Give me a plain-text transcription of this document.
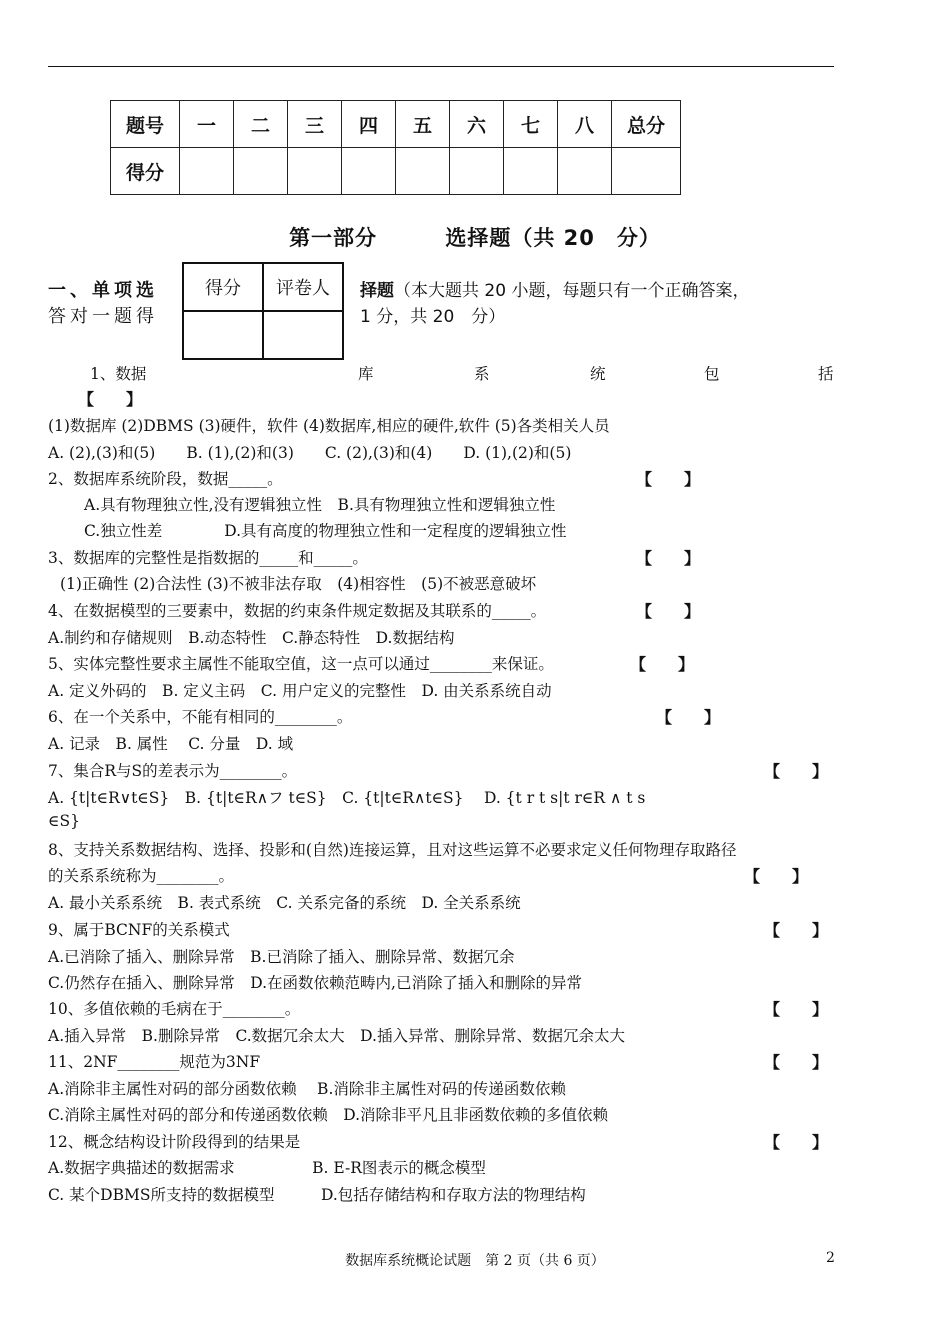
题号	一	二	三	四	五	六	七	八	总分
得分									
第一部分	选择题（共 20　分）
一、单项选
答对一题得
得分	评卷人
	择题（本大题共 20 小题，每题只有一个正确答案，
1 分，共 20　分）
1、数据	库	系	统	包	括
【　　】
(1)数据库 (2)DBMS (3)硬件，软件 (4)数据库,相应的硬件,软件 (5)各类相关人员
A. (2),(3)和(5)　　B. (1),(2)和(3)　　C. (2),(3)和(4)　　D. (1),(2)和(5)
2、数据库系统阶段，数据_____。	【　　】
A.具有物理独立性,没有逻辑独立性　B.具有物理独立性和逻辑独立性
C.独立性差　　　　D.具有高度的物理独立性和一定程度的逻辑独立性
3、数据库的完整性是指数据的_____和_____。	【　　】
(1)正确性 (2)合法性 (3)不被非法存取　(4)相容性　(5)不被恶意破坏
4、在数据模型的三要素中，数据的约束条件规定数据及其联系的_____。	【　　】
A.制约和存储规则　B.动态特性　C.静态特性　D.数据结构
5、实体完整性要求主属性不能取空值，这一点可以通过________来保证。	【　　】
A. 定义外码的　B. 定义主码　C. 用户定义的完整性　D. 由关系系统自动
6、在一个关系中，不能有相同的________。	【　　】
A. 记录　B. 属性　 C. 分量　D. 域
7、集合R与S的差表示为________。	【　　】
A. {t|t∈R∨t∈S}　B. {t|t∈R∧フ t∈S}　C. {t|t∈R∧t∈S}　 D. {t r t s|t r∈R ∧ t s
∈S}
8、支持关系数据结构、选择、投影和(自然)连接运算，且对这些运算不必要求定义任何物理存取路径
的关系系统称为________。	【　　】
A. 最小关系系统　B. 表式系统　C. 关系完备的系统　D. 全关系系统
9、属于BCNF的关系模式	【　　】
A.已消除了插入、删除异常　B.已消除了插入、删除异常、数据冗余
C.仍然存在插入、删除异常　D.在函数依赖范畴内,已消除了插入和删除的异常
10、多值依赖的毛病在于________。	【　　】
A.插入异常　B.删除异常　C.数据冗余太大　D.插入异常、删除异常、数据冗余太大
11、2NF________规范为3NF	【　　】
A.消除非主属性对码的部分函数依赖　 B.消除非主属性对码的传递函数依赖
C.消除主属性对码的部分和传递函数依赖　D.消除非平凡且非函数依赖的多值依赖
12、概念结构设计阶段得到的结果是	【　　】
A.数据字典描述的数据需求　　　　　B. E-R图表示的概念模型
C. 某个DBMS所支持的数据模型　　　D.包括存储结构和存取方法的物理结构
数据库系统概论试题　第 2 页（共 6 页）	2
